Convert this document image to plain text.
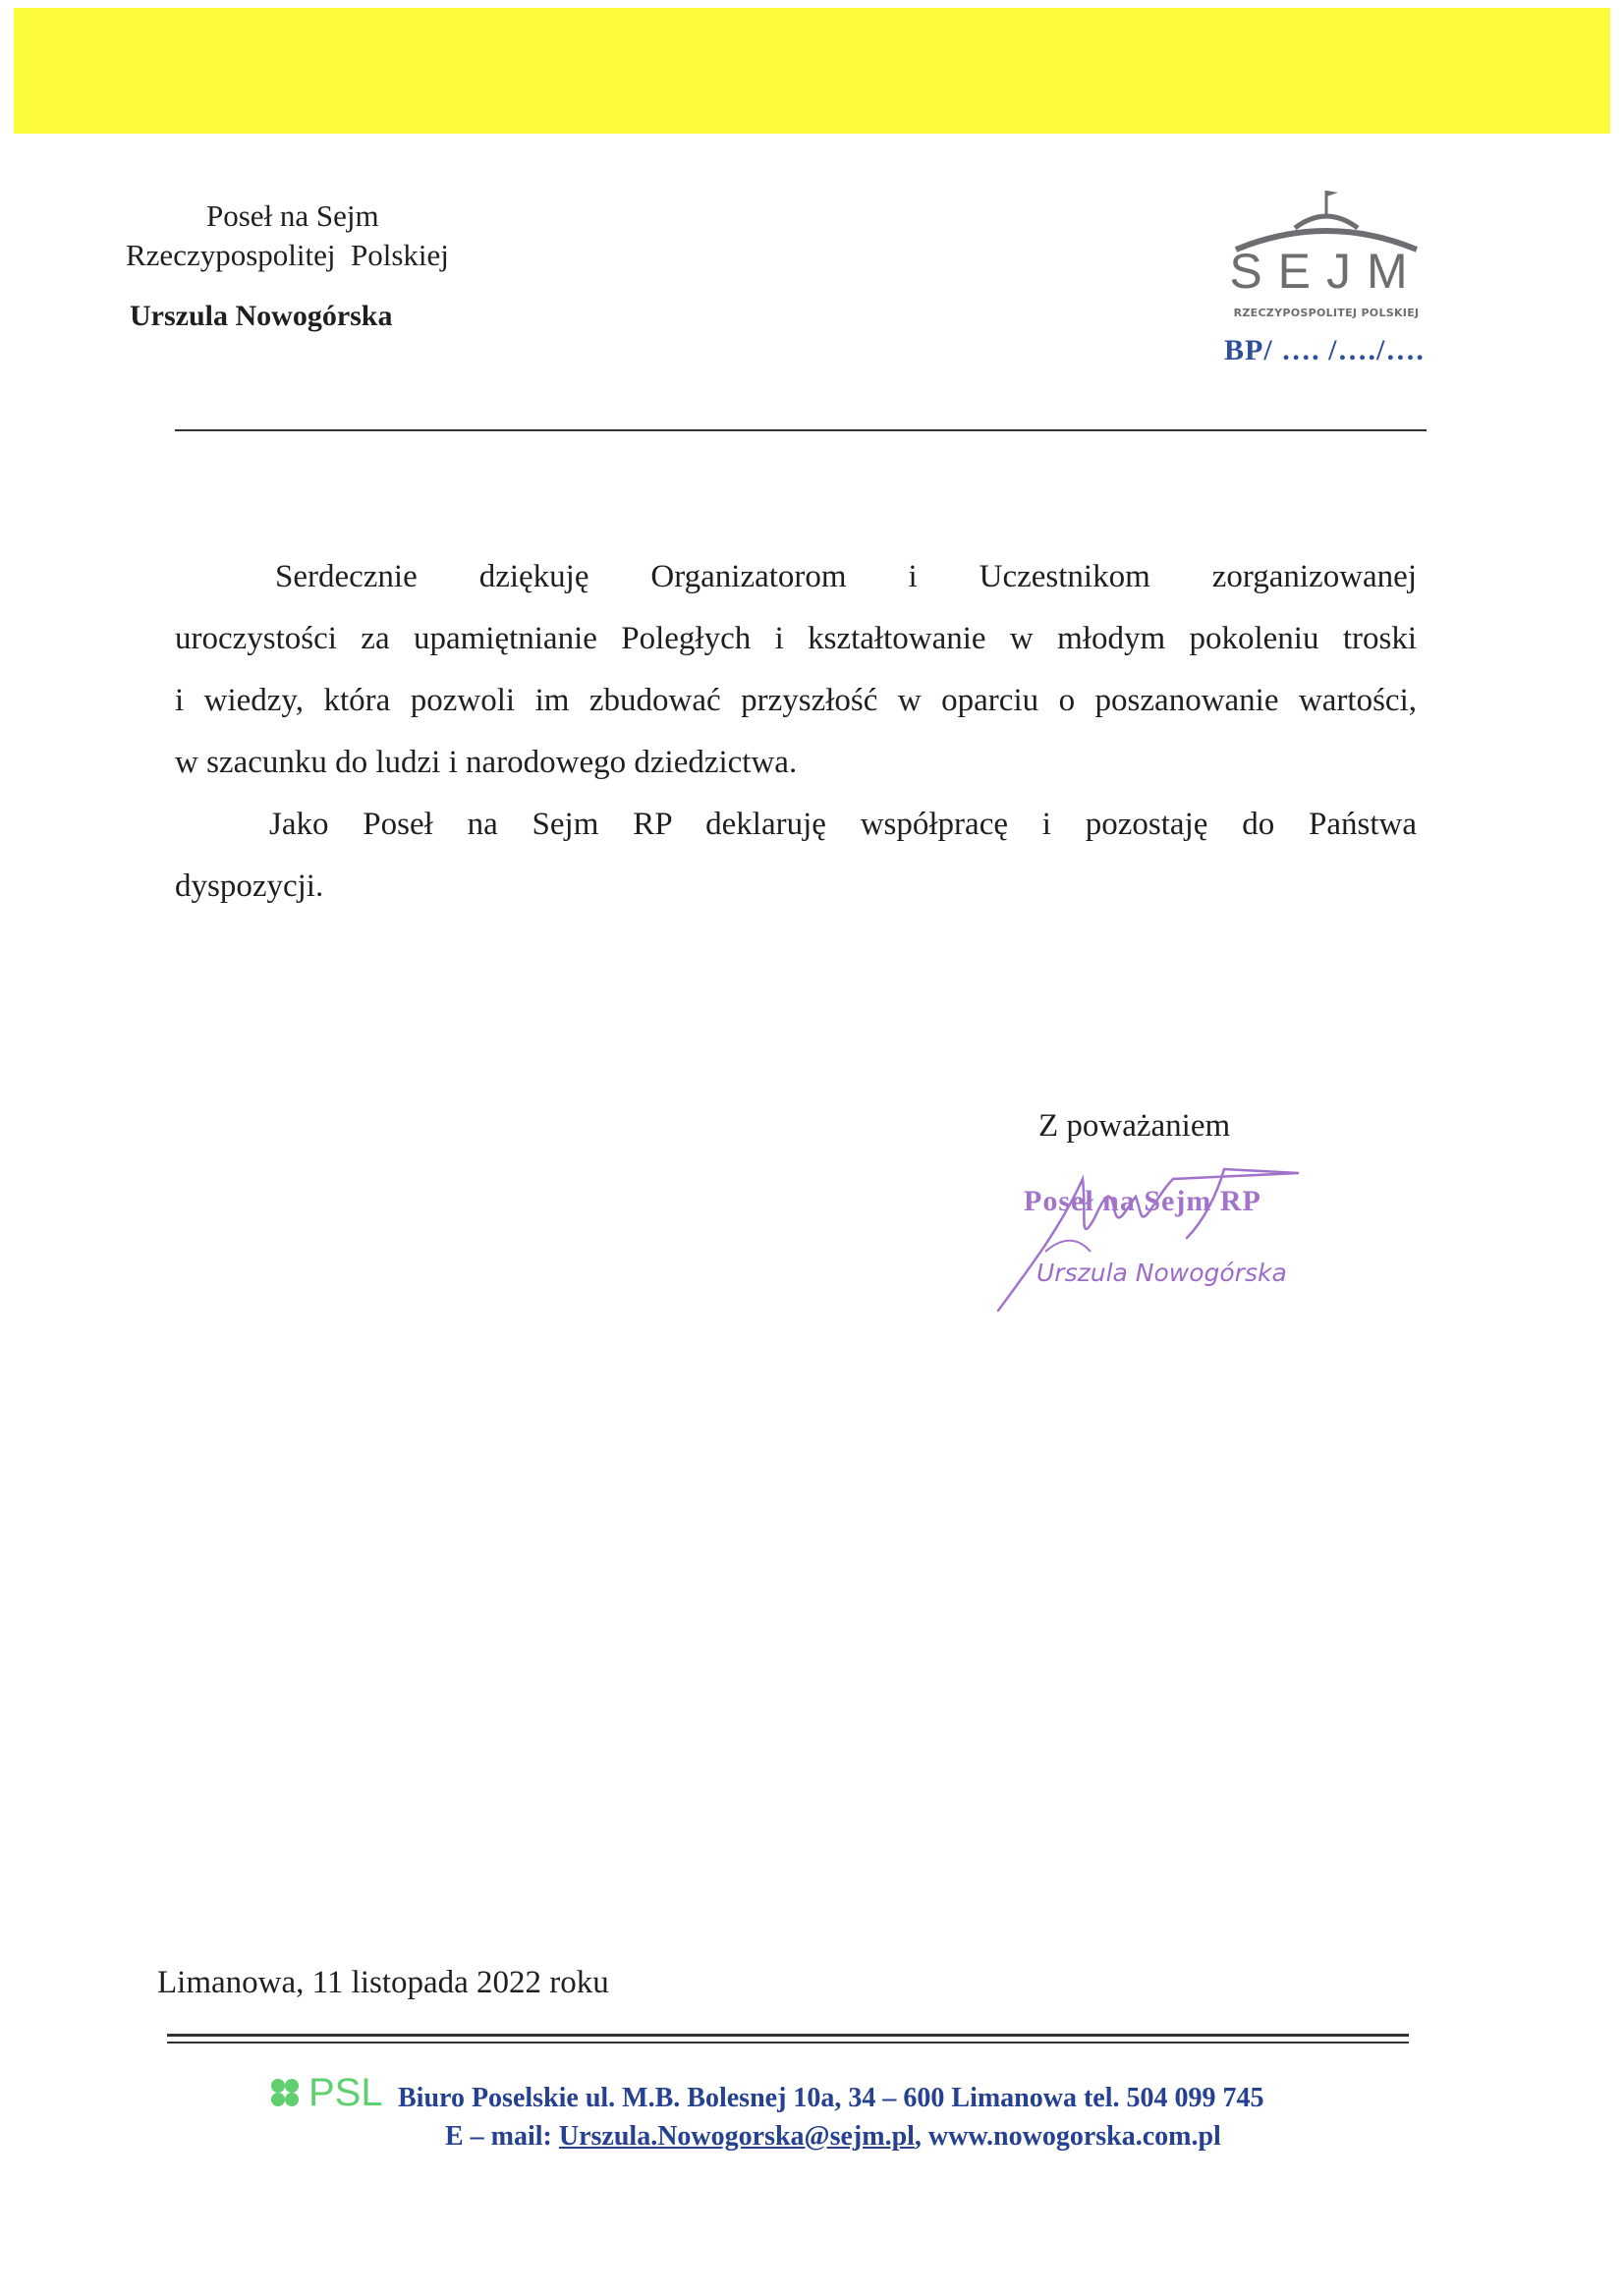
Poseł na Sejm
Rzeczypospolitej  Polskiej
Urszula Nowogórska
SEJM
RZECZYPOSPOLITEJ POLSKIEJ
BP/ …. /…./….
Serdecznie dziękuję Organizatorom i Uczestnikom zorganizowanej
uroczystości za upamiętnianie Poległych i kształtowanie w młodym pokoleniu troski
i wiedzy, która pozwoli im zbudować przyszłość w oparciu o poszanowanie wartości,
w szacunku do ludzi i narodowego dziedzictwa.
Jako Poseł na Sejm RP deklaruję współpracę i pozostaję do Państwa
dyspozycji.
Z poważaniem
Poseł na Sejm RP
Urszula Nowogórska
Limanowa, 11 listopada 2022 roku
PSL Biuro Poselskie ul. M.B. Bolesnej 10a, 34 – 600 Limanowa tel. 504 099 745
E – mail: Urszula.Nowogorska@sejm.pl, www.nowogorska.com.pl
